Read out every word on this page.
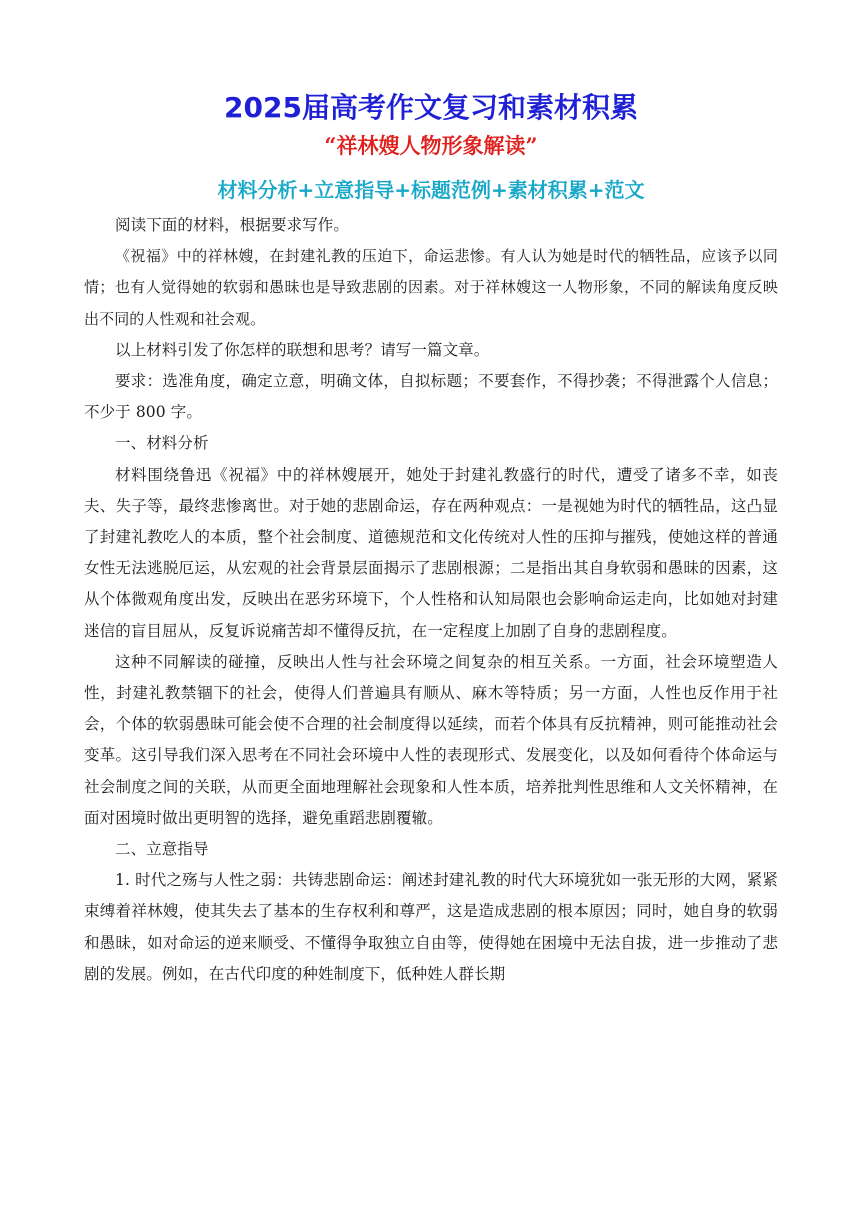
2025届高考作文复习和素材积累
“祥林嫂人物形象解读”
材料分析+立意指导+标题范例+素材积累+范文

阅读下面的材料，根据要求写作。

《祝福》中的祥林嫂，在封建礼教的压迫下，命运悲惨。有人认为她是时代的牺牲品，应该予以同情；也有人觉得她的软弱和愚昧也是导致悲剧的因素。对于祥林嫂这一人物形象，不同的解读角度反映出不同的人性观和社会观。

以上材料引发了你怎样的联想和思考？请写一篇文章。

要求：选准角度，确定立意，明确文体，自拟标题；不要套作，不得抄袭；不得泄露个人信息；不少于 800 字。

一、材料分析

材料围绕鲁迅《祝福》中的祥林嫂展开，她处于封建礼教盛行的时代，遭受了诸多不幸，如丧夫、失子等，最终悲惨离世。对于她的悲剧命运，存在两种观点：一是视她为时代的牺牲品，这凸显了封建礼教吃人的本质，整个社会制度、道德规范和文化传统对人性的压抑与摧残，使她这样的普通女性无法逃脱厄运，从宏观的社会背景层面揭示了悲剧根源；二是指出其自身软弱和愚昧的因素，这从个体微观角度出发，反映出在恶劣环境下，个人性格和认知局限也会影响命运走向，比如她对封建迷信的盲目屈从，反复诉说痛苦却不懂得反抗，在一定程度上加剧了自身的悲剧程度。

这种不同解读的碰撞，反映出人性与社会环境之间复杂的相互关系。一方面，社会环境塑造人性，封建礼教禁锢下的社会，使得人们普遍具有顺从、麻木等特质；另一方面，人性也反作用于社会，个体的软弱愚昧可能会使不合理的社会制度得以延续，而若个体具有反抗精神，则可能推动社会变革。这引导我们深入思考在不同社会环境中人性的表现形式、发展变化，以及如何看待个体命运与社会制度之间的关联，从而更全面地理解社会现象和人性本质，培养批判性思维和人文关怀精神，在面对困境时做出更明智的选择，避免重蹈悲剧覆辙。

二、立意指导

1. 时代之殇与人性之弱：共铸悲剧命运：阐述封建礼教的时代大环境犹如一张无形的大网，紧紧束缚着祥林嫂，使其失去了基本的生存权利和尊严，这是造成悲剧的根本原因；同时，她自身的软弱和愚昧，如对命运的逆来顺受、不懂得争取独立自由等，使得她在困境中无法自拔，进一步推动了悲剧的发展。例如，在古代印度的种姓制度下，低种姓人群长期
